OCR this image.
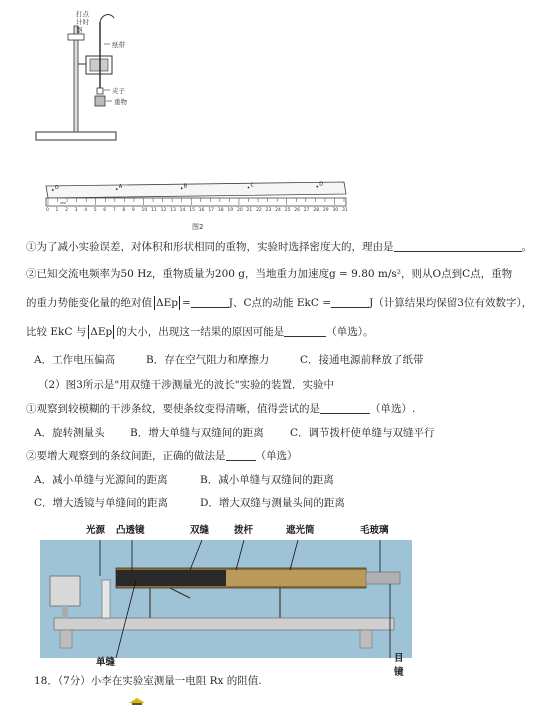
打点计时器
纸带
夹子
重物
cm
O	A	B	C	D
0 1 2 3 4 5 6 7 8 9 10 11 12 13 14 15 16 17 18 19 20 21 22 23 24 25 26 27 28 29 30 31
图2
①为了减小实验误差，对体积和形状相同的重物，实验时选择密度大的，理由是	。
②已知交流电频率为50 Hz，重物质量为200 g，当地重力加速度g = 9.80 m/s²，则从O点到C点，重物
的重力势能变化量的绝对值 ΔEp =	J、C点的动能 EkC =	J（计算结果均保留3位有效数字），
比较 EkC 与 ΔEp 的大小，出现这一结果的原因可能是	（单选）。
A．工作电压偏高	B．存在空气阻力和摩擦力	C．接通电源前释放了纸带
（2）图3所示是"用双缝干涉测量光的波长"实验的装置．实验中
①观察到较模糊的干涉条纹，要使条纹变得清晰，值得尝试的是	（单选）.
A．旋转测量头 B．增大单缝与双缝间的距离	C．调节拨杆使单缝与双缝平行
②要增大观察到的条纹间距，正确的做法是	（单选）
A．减小单缝与光源间的距离	B．减小单缝与双缝间的距离
C．增大透镜与单缝间的距离	D．增大双缝与测量头间的距离
光源 凸透镜	双缝	拨杆	遮光筒	毛玻璃
单缝	目镜
18．（7分）小李在实验室测量一电阻 Rx 的阻值.
